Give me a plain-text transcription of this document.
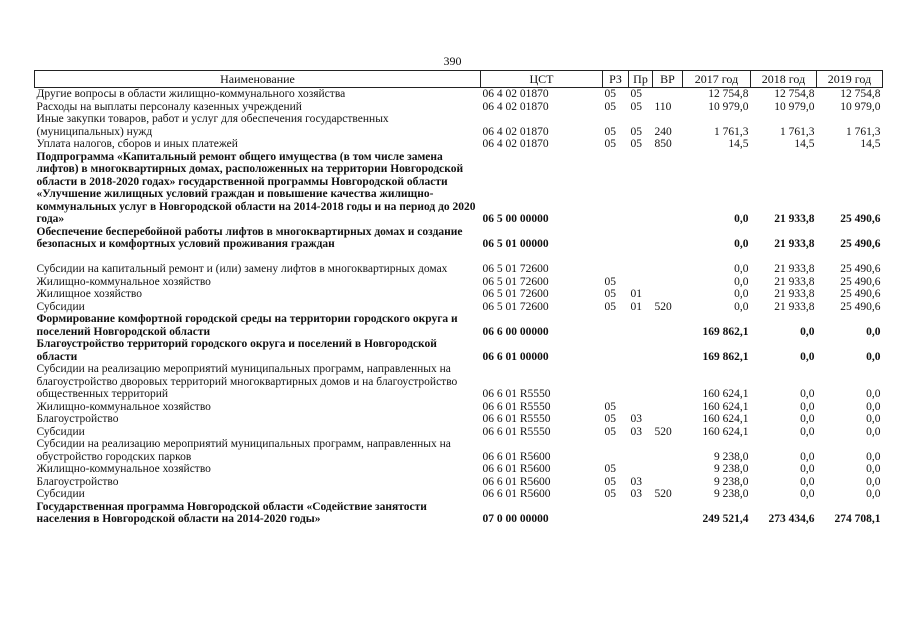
390
Наименование	ЦСТ	РЗ	Пр	ВР	2017 год	2018 год	2019 год
Другие вопросы в области жилищно-коммунального хозяйства	06 4 02 01870	05	05		12 754,8	12 754,8	12 754,8
Расходы на выплаты персоналу казенных учреждений	06 4 02 01870	05	05	110	10 979,0	10 979,0	10 979,0
Иные закупки товаров, работ и услуг для обеспечения государственных (муниципальных) нужд	06 4 02 01870	05	05	240	1 761,3	1 761,3	1 761,3
Уплата налогов, сборов и иных платежей	06 4 02 01870	05	05	850	14,5	14,5	14,5
Подпрограмма «Капитальный ремонт общего имущества (в том числе замена лифтов) в многоквартирных домах, расположенных на территории Новгородской области в 2018-2020 годах» государственной программы Новгородской области «Улучшение жилищных условий граждан и повышение качества жилищно-коммунальных услуг в Новгородской области на 2014-2018 годы и на период до 2020 года»	06 5 00 00000				0,0	21 933,8	25 490,6
Обеспечение бесперебойной работы лифтов в многоквартирных домах и создание безопасных и комфортных условий проживания граждан	06 5 01 00000				0,0	21 933,8	25 490,6
Субсидии на капитальный ремонт и (или) замену лифтов в многоквартирных домах	06 5 01 72600				0,0	21 933,8	25 490,6
Жилищно-коммунальное хозяйство	06 5 01 72600	05			0,0	21 933,8	25 490,6
Жилищное хозяйство	06 5 01 72600	05	01		0,0	21 933,8	25 490,6
Субсидии	06 5 01 72600	05	01	520	0,0	21 933,8	25 490,6
Формирование комфортной городской среды на территории городского округа и поселений Новгородской области	06 6 00 00000				169 862,1	0,0	0,0
Благоустройство территорий городского округа и поселений в Новгородской области	06 6 01 00000				169 862,1	0,0	0,0
Субсидии на реализацию мероприятий муниципальных программ, направленных на благоустройство дворовых территорий многоквартирных домов и на благоустройство общественных территорий	06 6 01 R5550				160 624,1	0,0	0,0
Жилищно-коммунальное хозяйство	06 6 01 R5550	05			160 624,1	0,0	0,0
Благоустройство	06 6 01 R5550	05	03		160 624,1	0,0	0,0
Субсидии	06 6 01 R5550	05	03	520	160 624,1	0,0	0,0
Субсидии на реализацию мероприятий муниципальных программ, направленных на обустройство городских парков	06 6 01 R5600				9 238,0	0,0	0,0
Жилищно-коммунальное хозяйство	06 6 01 R5600	05			9 238,0	0,0	0,0
Благоустройство	06 6 01 R5600	05	03		9 238,0	0,0	0,0
Субсидии	06 6 01 R5600	05	03	520	9 238,0	0,0	0,0
Государственная программа Новгородской области «Содействие занятости населения в Новгородской области на 2014-2020 годы»	07 0 00 00000				249 521,4	273 434,6	274 708,1
